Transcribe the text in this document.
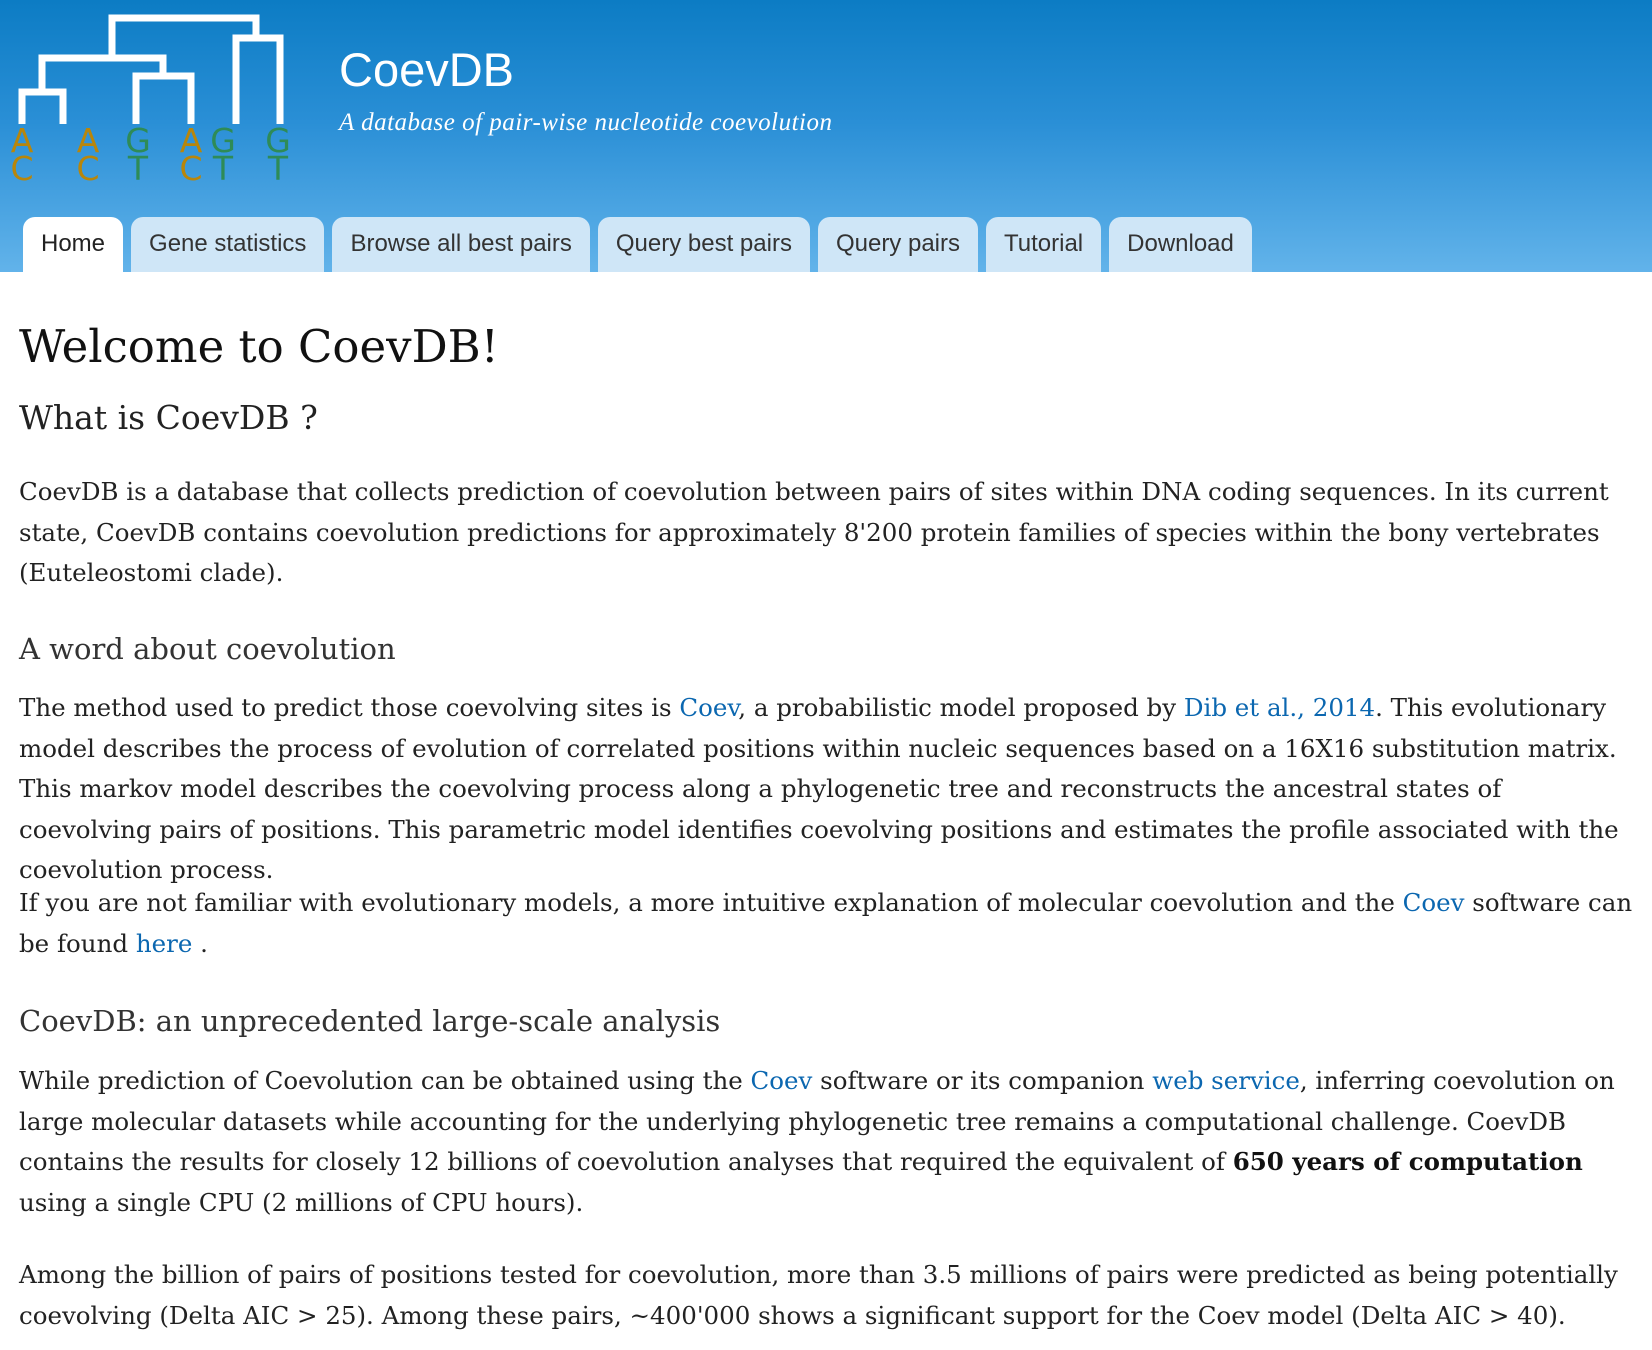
A A G A G G
C C T C T T
CoevDB
A database of pair-wise nucleotide coevolution
Home	Gene statistics	Browse all best pairs	Query best pairs	Query pairs	Tutorial	Download
Welcome to CoevDB!
What is CoevDB ?

CoevDB is a database that collects prediction of coevolution between pairs of sites within DNA coding sequences. In its current state, CoevDB contains coevolution predictions for approximately 8'200 protein families of species within the bony vertebrates (Euteleostomi clade).

A word about coevolution

The method used to predict those coevolving sites is Coev, a probabilistic model proposed by Dib et al., 2014. This evolutionary model describes the process of evolution of correlated positions within nucleic sequences based on a 16X16 substitution matrix. This markov model describes the coevolving process along a phylogenetic tree and reconstructs the ancestral states of coevolving pairs of positions. This parametric model identifies coevolving positions and estimates the profile associated with the coevolution process.

If you are not familiar with evolutionary models, a more intuitive explanation of molecular coevolution and the Coev software can be found here .

CoevDB: an unprecedented large-scale analysis

While prediction of Coevolution can be obtained using the Coev software or its companion web service, inferring coevolution on large molecular datasets while accounting for the underlying phylogenetic tree remains a computational challenge. CoevDB contains the results for closely 12 billions of coevolution analyses that required the equivalent of 650 years of computation using a single CPU (2 millions of CPU hours).

Among the billion of pairs of positions tested for coevolution, more than 3.5 millions of pairs were predicted as being potentially coevolving (Delta AIC > 25). Among these pairs, ~400'000 shows a significant support for the Coev model (Delta AIC > 40).
